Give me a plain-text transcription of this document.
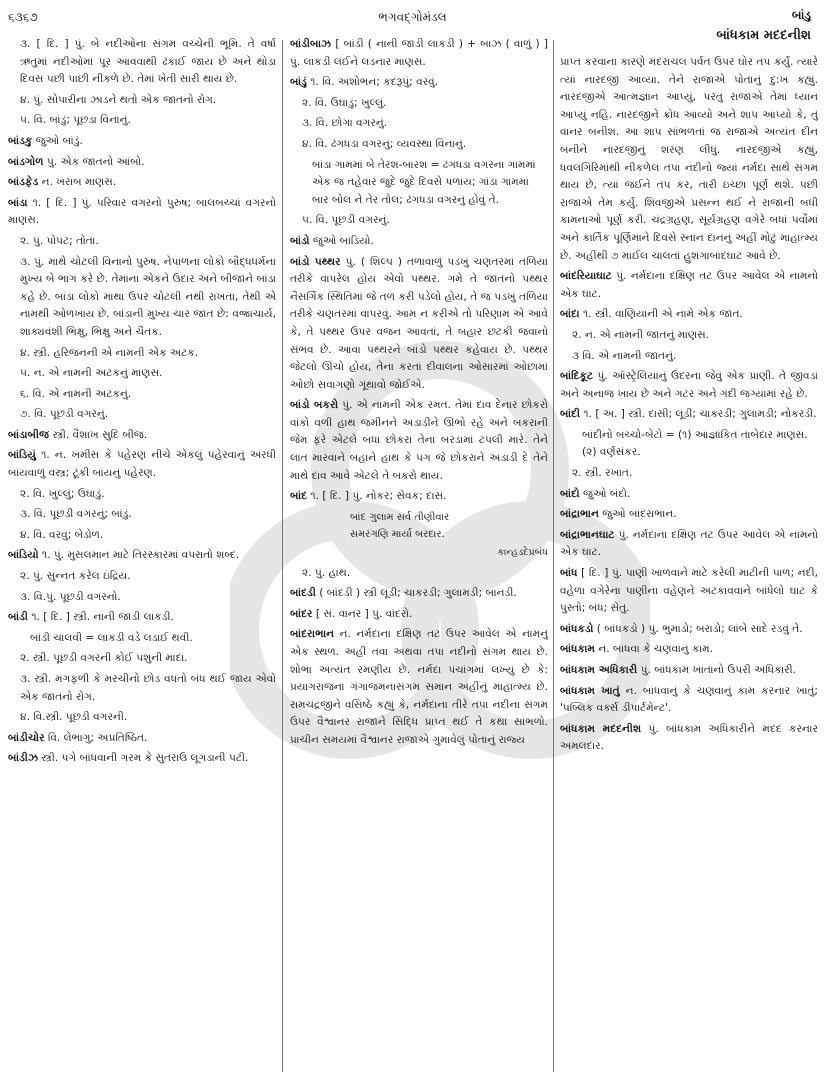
૬૩૬૭	ભગવદ્ગોમંડલ	બાંડુ
બાંધકામ મદદનીશ

૩. [ દિ. ] પું. બે નદીઓના સંગમ વચ્ચેની ભૂમિ. તે વર્ષા ઋતુમાં નદીઓમાં પૂર આવવાથી ઢંકાઈ જાય છે અને થોડા દિવસ પછી પાછી નીકળે છે. તેમાં ખેતી સારી થાય છે.

૪. પું. સોપારીના ઝાડને થતો એક જાતનો રોગ.

૫. વિ. બાંડું; પૂછડા વિનાનું.

બાંડકુ જુઓ બાંડું.

બાંડગોળ પું. એક જાતનો આંબો.

બાંડફેડ ન. ખરાબ માણસ.

બાંડા ૧. [ દિ. ] પું. પરિવાર વગરનો પુરુષ; બાલબચ્ચાં વગરનો માણસ.

૨. પું. પોપટ; તોતા.

૩. પું. માથે ચોટલી વિનાનો પુરુષ. નેપાળના લોકો બૌદ્ધધર્મના મુખ્ય બે ભાગ કરે છે. તેમાંના એકને ઉદાર અને બીજાને બાંડા કહે છે. બાંડા લોકો માથા ઉપર ચોટલી નથી રાખતા, તેથી એ નામથી ઓળખાય છે. બાંડાની મુખ્ય ચાર જાત છે: વજ્રાચાર્ય, શાક્યવંશી ભિક્ષુ, ભિક્ષુ અને ચૈતક.

૪. સ્ત્રી. હરિજનની એ નામની એક અટક.

૫. ન. એ નામની અટકનું માણસ.

૬. વિ. એ નામની અટકનું.

૭. વિ. પૂછડી વગરનું.

બાંડાબીજ સ્ત્રી. વૈશાખ સુદિ બીજ.

બાંડિયું ૧. ન. ખમીસ કે પહેરણ નીચે એકલું પહેરવાનું અરધી બાંયવાળું વસ્ત્ર; ટૂંકી બાંયનું પહેરણ.

૨. વિ. ખુલ્લું; ઉઘાડું.

૩. વિ. પૂછડી વગરનું; બાંડું.

૪. વિ. વરવું; બેડોળ.

બાંડિયો ૧. પું. મુસલમાન માટે તિરસ્કારમાં વપરાતો શબ્દ.

૨. પું. સુન્નત કરેલ ઇંદ્રિય.

૩. વિ.પું. પૂછડી વગરનો.

બાંડી ૧. [ દિ. ] સ્ત્રી. નાની જાડી લાકડી.

બાંડી ચાલવી = લાકડી વડે લડાઈ થવી.

૨. સ્ત્રી. પૂછડી વગરની કોઈ પશુની માદા.

૩. સ્ત્રી. મગફળી કે મરચીનો છોડ વધતો બંધ થઈ જાય એવો એક જાતનો રોગ.

૪. વિ.સ્ત્રી. પૂછડી વગરની.

બાંડીચોર વિ. લેભાગુ; અપ્રતિષ્ઠિત.

બાંડીઝ સ્ત્રી. પગે બાંધવાની ગરમ કે સુતરાઉ લૂગડાની પટી.

બાંડીબાઝ [ બાંડી ( નાની જાડી લાકડી ) + બાઝ ( વાળું ) ] પું. લાકડી લઈને લડનાર માણસ.

બાંડું ૧. વિ. અશોભન; કદરૂપું; વરવું.

૨. વિ. ઉઘાડું; ખુલ્લું.

૩. વિ. છોગા વગરનું.

૪. વિ. ઢંગધડા વગરનું; વ્યવસ્થા વિનાનું.

બાંડા ગામમાં બે તેરશ-બારશ = ઢંગધડા વગરના ગામમાં એક જ તહેવાર જુદે જુદે દિવસે પળાય; ગાંડા ગામમાં બાર બોલ ને તેર તોલ; ઢંગધડા વગરનું હોવું તે.

૫. વિ. પૂછડી વગરનું.

બાંડો જુઓ બાંડિયો.

બાંડો પથ્થર પું. ( શિલ્પ ) તળાવાળું પડખું ચણતરમાં તળિયા તરીકે વાપરેલ હોય એવો પથ્થર. ગમે તે જાતનો પથ્થર નૈસર્ગિક સ્થિતિમાં જે તળ કરી પડેલો હોય, તે જ પડખું તળિયા તરીકે ચણતરમાં વાપરવું. આમ ન કરીએ તો પરિણામ એ આવે કે, તે પથ્થર ઉપર વજન આવતાં, તે બહાર છટકી જવાનો સંભવ છે. આવા પથ્થરને બાંડો પથ્થર કહેવાય છે. પથ્થર જેટલો ઊંચો હોય, તેના કરતાં દીવાલના ઓસારમાં ઓછામાં ઓછો સવાગણો ગૂંથાવો જોઈએ.

બાંડો બકરો પું. એ નામની એક રમત. તેમાં દાવ દેનાર છોકરો વાંકો વળી હાથ જમીનને અડાડીને ઊભો રહે અને બકરાની જેમ ફરે એટલે બધા છોકરા તેના બરડામાં ટપલી મારે. તેને લાત મારવાને બહાને હાથ કે પગ જે છોકરાને અડાડી દે તેને માથે દાવ આવે એટલે તે બકરો થાય.

બાંદ ૧. [ દિ. ] પું. નોકર; સેવક; દાસ.

બાંદ ગુલામ સર્વ તીણીવાર

સમરંગણિ માર્યા બરદાર.

કાન્હડદેપ્રબંધ

૨. પું. હાથ.

બાંદડી ( બાંદડી ) સ્ત્રી લૂંડી; ચાકરડી; ગુલામડી; બાનડી.

બાંદર [ સં. વાનર ] પું. વાંદરો.

બાંદરાભાન ન. નર્મદાના દક્ષિણ તટ ઉપર આવેલ એ નામનું એક સ્થળ. અહીં તવા અથવા તપા નદીનો સંગમ થાય છે. શોભા અત્યંત રમણીય છે. નર્મદા પંચાંગમાં લખ્યું છે કે: પ્રયાગરાજના ગંગાજમનાસંગમ સમાન અહીંનું માહાત્મ્ય છે. રામચંદ્રજીને વસિષ્ઠે કહ્યું કે, નર્મદાના તીરે તપા નદીના સંગમ ઉપર વૈશ્વાનર રાજાને સિદ્ધિ પ્રાપ્ત થઈ તે કથા સાંભળો. પ્રાચીન સમયમાં વૈશ્વાનર રાજાએ ગુમાવેલું પોતાનું રાજ્ય

પ્રાપ્ત કરવાના કારણે મંદરાચલ પર્વત ઉપર ઘોર તપ કર્યું. ત્યારે ત્યાં નારદજી આવ્યા. તેને રાજાએ પોતાનું દુ:ખ કહ્યું. નારદજીએ આત્મજ્ઞાન આપ્યું, પરંતુ રાજાએ તેમાં ધ્યાન આપ્યું નહિ. નારદજીને ક્રોધ આવ્યો અને શાપ આપ્યો કે, તું વાનર બનીશ. આ શાપ સાંભળતાં જ રાજાએ અત્યંત દીન બનીને નારદજીનું શરણ લીધું. નારદજીએ કહ્યું, ધવલગિરિમાંથી નીકળેલ તપા નદીનો જ્યાં નર્મદા સાથે સંગમ થાય છે, ત્યાં જઈને તપ કર, તારી ઇચ્છા પૂર્ણ થશે. પછી રાજાએ તેમ કર્યું. શિવજીએ પ્રસન્ન થઈ ને રાજાની બધી કામનાઓ પૂર્ણ કરી. ચંદ્રગ્રહણ, સૂર્યગ્રહણ વગેરે બધાં પર્વોમાં અને કાર્તિક પૂર્ણિમાને દિવસે સ્નાન દાનનું અહીં મોટું માહાત્મ્ય છે. અહીંથી ૭ માઈલ ચાલતાં હુશંગાબાદઘાટ આવે છે.

બાંદરિયાઘાટ પું. નર્મદાના દક્ષિણ તટ ઉપર આવેલ એ નામનો એક ઘાટ.

બાંદા ૧. સ્ત્રી. વાણિયાની એ નામે એક જાત.

૨. ન. એ નામની જાતનું માણસ.

૩ વિ. એ નામની જાતનું.

બાંદિકૂટ પું. ઑસ્ટ્રેલિયાનું ઉંદરના જેવું એક પ્રાણી. તે જીવડાં અને અનાજ ખાય છે અને ગટર અને ગંદી જગ્યામાં રહે છે.

બાંદી ૧. [ અ. ] સ્ત્રી. દાસી; લૂંડી; ચાકરડી; ગુલામડી; નોકરડી.

બાંદીનો બચ્ચો-બેટો = (૧) આજ્ઞાંકિત તાબેદાર માણસ. (૨) વર્ણસંકર.

૨. સ્ત્રી. રખાત.

બાંદો જુઓ બંદો.

બાંદ્રાભાન જુઓ બાંદરાભાન.

બાંદ્રાભાનઘાટ પું. નર્મદાના દક્ષિણ તટ ઉપર આવેલ એ નામનો એક ઘાટ.

બાંધ [ દિ. ] પું. પાણી ખાળવાને માટે કરેલી માટીની પાળ; નદી, વહેળા વગેરેના પાણીના વહેણને અટકાવવાને બાંધેલો ઘાટ કે પુસ્તો; બંધ; સેતુ.

બાંધકડો ( બાંધકડો ) પું. ભુમાડો; બરાડો; લાંબે સાદે રડવું તે.

બાંધકામ ન. બાંધવા કે ચણવાનું કામ.

બાંધકામ અધિકારી પું. બાંધકામ ખાતાનો ઉપરી અધિકારી.

બાંધકામ ખાતું ન. બાંધવાનું કે ચણવાનું કામ કરનાર ખાતું; 'પબ્લિક વર્ક્સ ડીપાર્ટમેન્ટ'.

બાંધકામ મદદનીશ પું. બાંધકામ અધિકારીને મદદ કરનાર અમલદાર.
